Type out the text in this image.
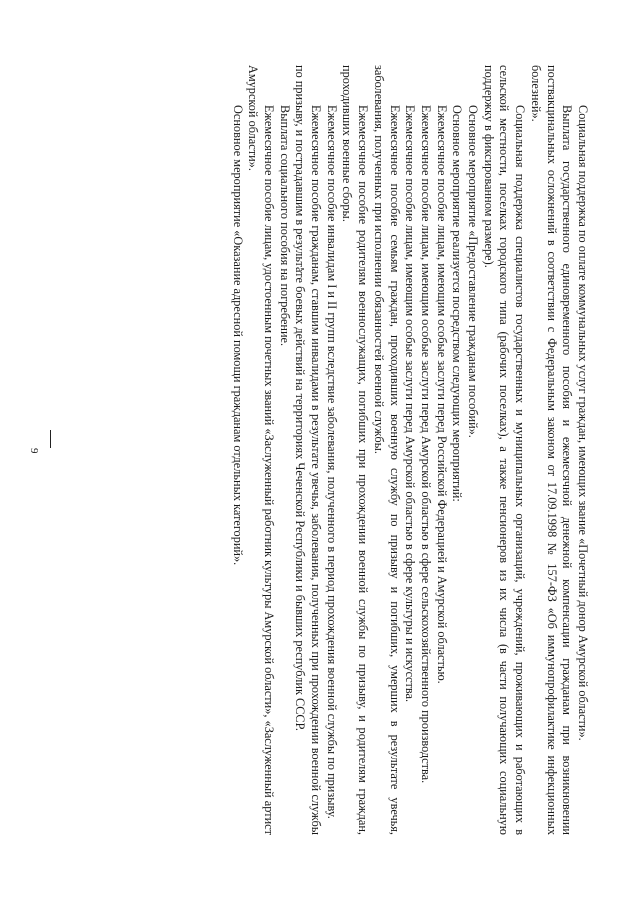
9	Социальная поддержка по оплате коммунальных услуг граждан, имеющих звание «Почетный донор Амурской области».

Выплата государственного единовременного пособия и ежемесячной денежной компенсации гражданам при возникновении поствакцинальных осложнений в соответствии с Федеральным законом от 17.09.1998 № 157-ФЗ «Об иммунопрофилактике инфекционных болезней».

Социальная поддержка специалистов государственных и муниципальных организаций, учреждений, проживающих и работающих в сельской местности, поселках городского типа (рабочих поселках), а также пенсионеров из их числа (в части получающих социальную поддержку в фиксированном размере).

Основное мероприятие «Предоставление гражданам пособий».

Основное мероприятие реализуется посредством следующих мероприятий:

Ежемесячное пособие лицам, имеющим особые заслуги перед Российской Федерацией и Амурской областью.

Ежемесячное пособие лицам, имеющим особые заслуги перед Амурской областью в сфере сельскохозяйственного производства.

Ежемесячное пособие лицам, имеющим особые заслуги перед Амурской областью в сфере культуры и искусства.

Ежемесячное пособие семьям граждан, проходивших военную службу по призыву и погибших, умерших в результате увечья, заболевания, полученных при исполнении обязанностей военной службы.

Ежемесячное пособие родителям военнослужащих, погибших при прохождении военной службы по призыву, и родителям граждан, проходивших военные сборы.

Ежемесячное пособие инвалидам I и II групп вследствие заболевания, полученного в период прохождения военной службы по призыву.

Ежемесячное пособие гражданам, ставшим инвалидами в результате увечья, заболевания, полученных при прохождении военной службы по призыву, и пострадавшим в результате боевых действий на территориях Чеченской Республики и бывших республик СССР.

Выплата социального пособия на погребение.

Ежемесячное пособие лицам, удостоенным почетных званий «Заслуженный работник культуры Амурской области», «Заслуженный артист Амурской области».

Основное мероприятие «Оказание адресной помощи гражданам отдельных категорий».
